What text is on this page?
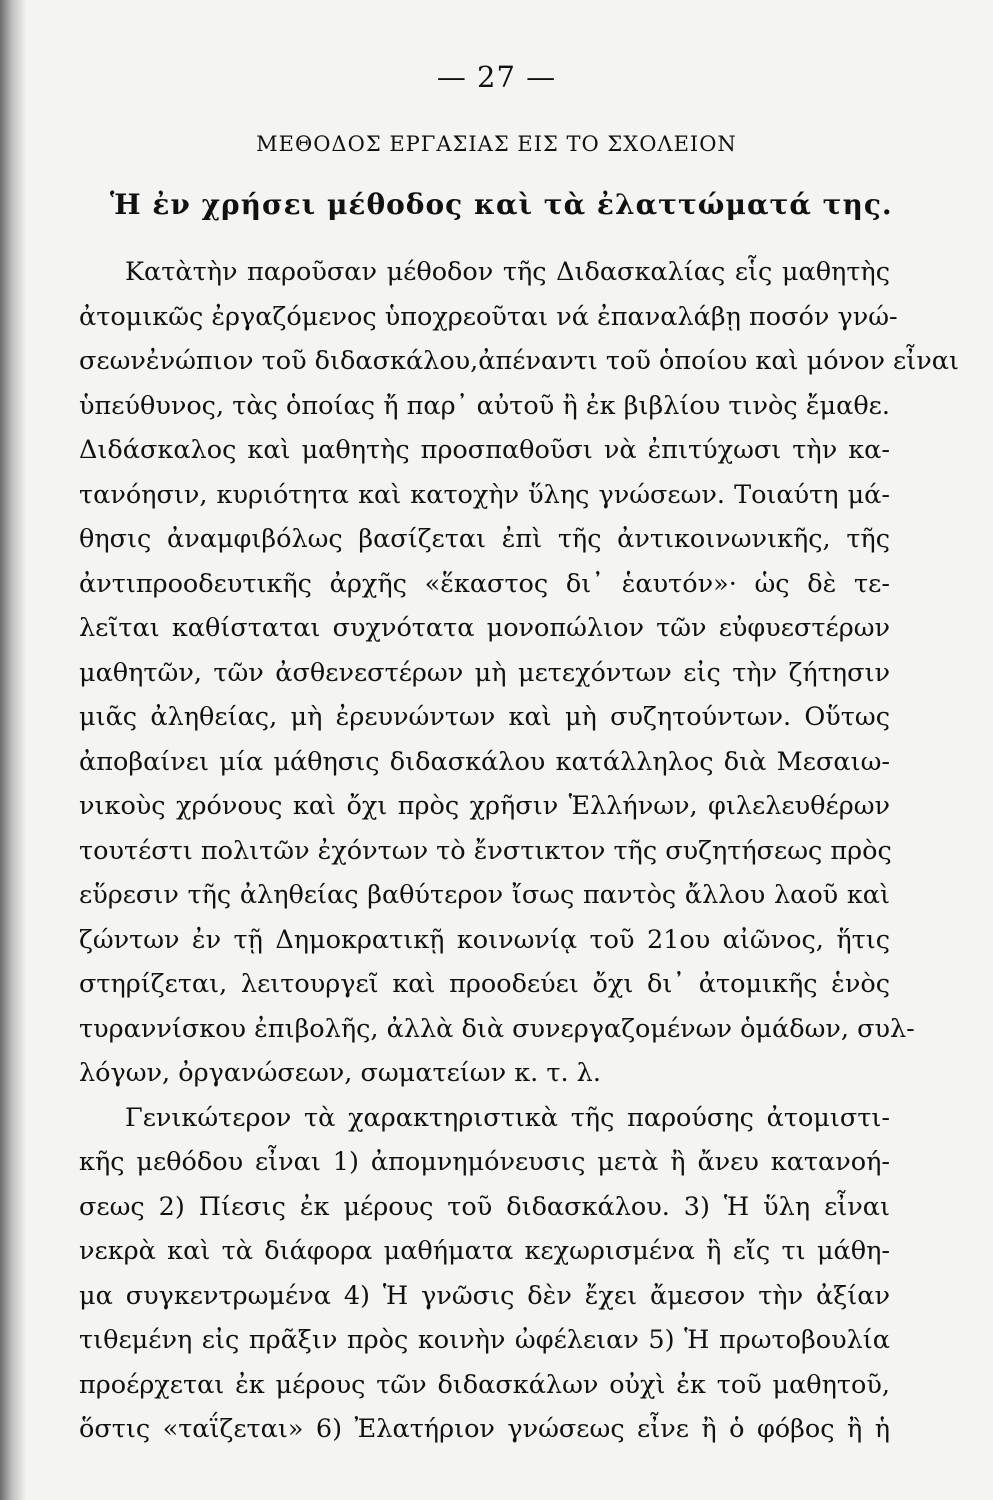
— 27 —
ΜΕΘΟΔΟΣ ΕΡΓΑΣΙΑΣ ΕΙΣ ΤΟ ΣΧΟΛΕΙΟΝ
Ἡ ἐν χρήσει μέθοδος καὶ τὰ ἐλαττώματά της.
Κατὰτὴν παροῦσαν μέθοδον τῆς Διδασκαλίας εἷς μαθητὴς
ἀτομικῶς ἐργαζόμενος ὑποχρεοῦται νά ἐπαναλάβῃ ποσόν γνώ-
σεωνἐνώπιον τοῦ διδασκάλου,ἀπέναντι τοῦ ὁποίου καὶ μόνον εἶναι
ὑπεύθυνος, τὰς ὁποίας ἤ παρ᾽ αὐτοῦ ἢ ἐκ βιβλίου τινὸς ἔμαθε.
Διδάσκαλος καὶ μαθητὴς προσπαθοῦσι νὰ ἐπιτύχωσι τὴν κα-
τανόησιν, κυριότητα καὶ κατοχὴν ὕλης γνώσεων. Τοιαύτη μά-
θησις ἀναμφιβόλως βασίζεται ἐπὶ τῆς ἀντικοινωνικῆς, τῆς
ἀντιπροοδευτικῆς ἀρχῆς «ἕκαστος δι᾽ ἑαυτόν»· ὡς δὲ τε-
λεῖται καθίσταται συχνότατα μονοπώλιον τῶν εὐφυεστέρων
μαθητῶν, τῶν ἀσθενεστέρων μὴ μετεχόντων εἰς τὴν ζήτησιν
μιᾶς ἀληθείας, μὴ ἐρευνώντων καὶ μὴ συζητούντων. Οὕτως
ἀποβαίνει μία μάθησις διδασκάλου κατάλληλος διὰ Μεσαιω-
νικοὺς χρόνους καὶ ὄχι πρὸς χρῆσιν Ἑλλήνων, φιλελευθέρων
τουτέστι πολιτῶν ἐχόντων τὸ ἔνστικτον τῆς συζητήσεως πρὸς
εὕρεσιν τῆς ἀληθείας βαθύτερον ἴσως παντὸς ἄλλου λαοῦ καὶ
ζώντων ἐν τῇ Δημοκρατικῇ κοινωνίᾳ τοῦ 21ου αἰῶνος, ἥτις
στηρίζεται, λειτουργεῖ καὶ προοδεύει ὄχι δι᾽ ἀτομικῆς ἑνὸς
τυραννίσκου ἐπιβολῆς, ἀλλὰ διὰ συνεργαζομένων ὁμάδων, συλ-
λόγων, ὀργανώσεων, σωματείων κ. τ. λ.
Γενικώτερον τὰ χαρακτηριστικὰ τῆς παρούσης ἀτομιστι-
κῆς μεθόδου εἶναι 1) ἀπομνημόνευσις μετὰ ἢ ἄνευ κατανοή-
σεως 2) Πίεσις ἐκ μέρους τοῦ διδασκάλου. 3) Ἡ ὕλη εἶναι
νεκρὰ καὶ τὰ διάφορα μαθήματα κεχωρισμένα ἢ εἴς τι μάθη-
μα συγκεντρωμένα 4) Ἡ γνῶσις δὲν ἔχει ἄμεσον τὴν ἀξίαν
τιθεμένη εἰς πρᾶξιν πρὸς κοινὴν ὠφέλειαν 5) Ἡ πρωτοβουλία
προέρχεται ἐκ μέρους τῶν διδασκάλων οὐχὶ ἐκ τοῦ μαθητοῦ,
ὅστις «ταΐζεται» 6) Ἐλατήριον γνώσεως εἶνε ἢ ὁ φόβος ἢ ἡ
